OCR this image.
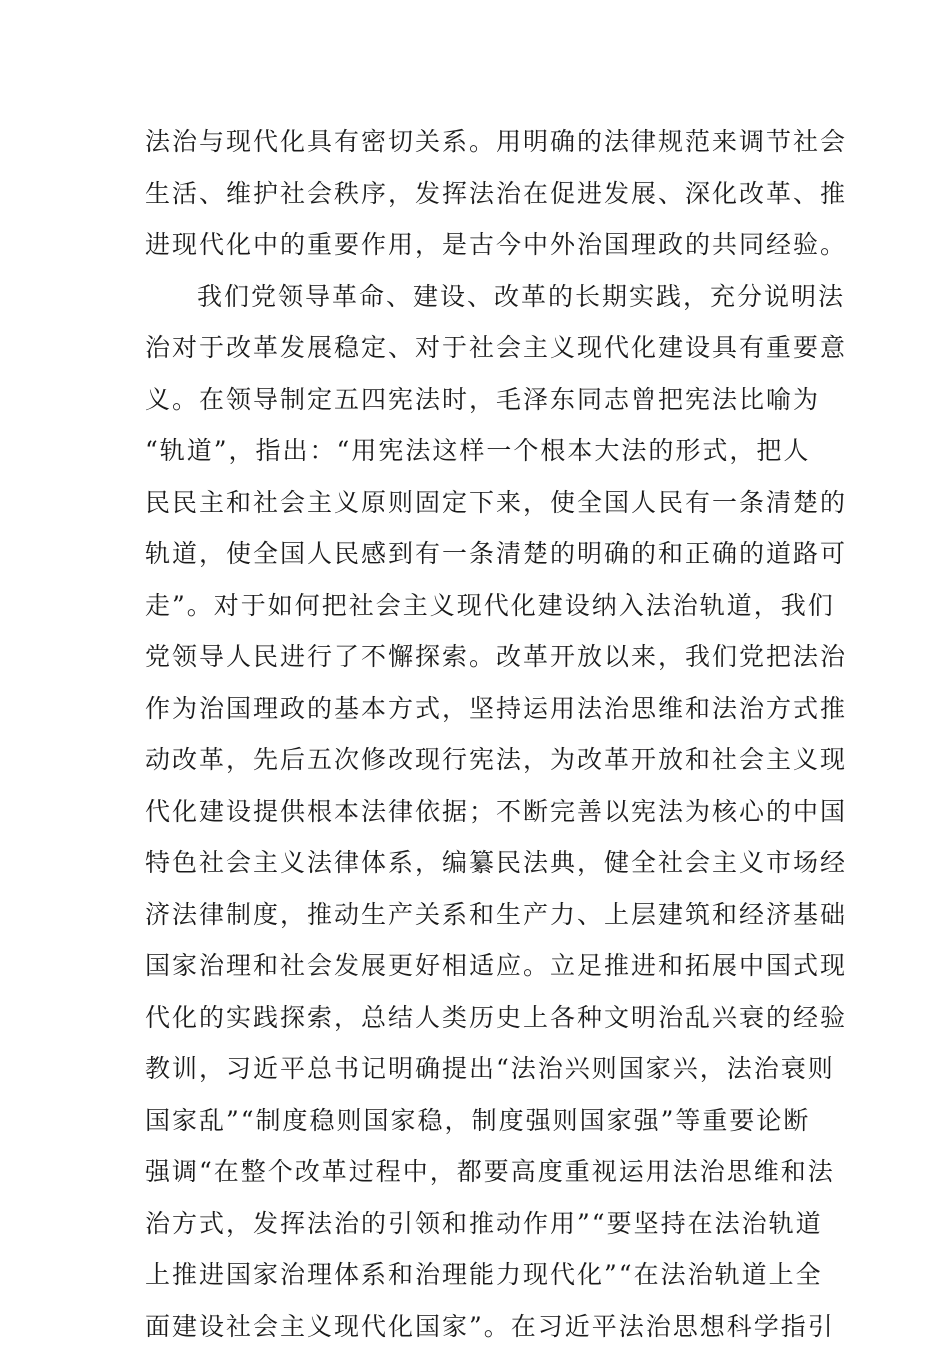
法治与现代化具有密切关系。用明确的法律规范来调节社会
生活、维护社会秩序，发挥法治在促进发展、深化改革、推
进现代化中的重要作用，是古今中外治国理政的共同经验。
我们党领导革命、建设、改革的长期实践，充分说明法
治对于改革发展稳定、对于社会主义现代化建设具有重要意
义。在领导制定五四宪法时，毛泽东同志曾把宪法比喻为
“轨道”，指出：“用宪法这样一个根本大法的形式，把人
民民主和社会主义原则固定下来，使全国人民有一条清楚的
轨道，使全国人民感到有一条清楚的明确的和正确的道路可
走”。对于如何把社会主义现代化建设纳入法治轨道，我们
党领导人民进行了不懈探索。改革开放以来，我们党把法治
作为治国理政的基本方式，坚持运用法治思维和法治方式推
动改革，先后五次修改现行宪法，为改革开放和社会主义现
代化建设提供根本法律依据；不断完善以宪法为核心的中国
特色社会主义法律体系，编纂民法典，健全社会主义市场经
济法律制度，推动生产关系和生产力、上层建筑和经济基础
国家治理和社会发展更好相适应。立足推进和拓展中国式现
代化的实践探索，总结人类历史上各种文明治乱兴衰的经验
教训，习近平总书记明确提出“法治兴则国家兴，法治衰则
国家乱”“制度稳则国家稳，制度强则国家强”等重要论断
强调“在整个改革过程中，都要高度重视运用法治思维和法
治方式，发挥法治的引领和推动作用”“要坚持在法治轨道
上推进国家治理体系和治理能力现代化”“在法治轨道上全
面建设社会主义现代化国家”。在习近平法治思想科学指引
